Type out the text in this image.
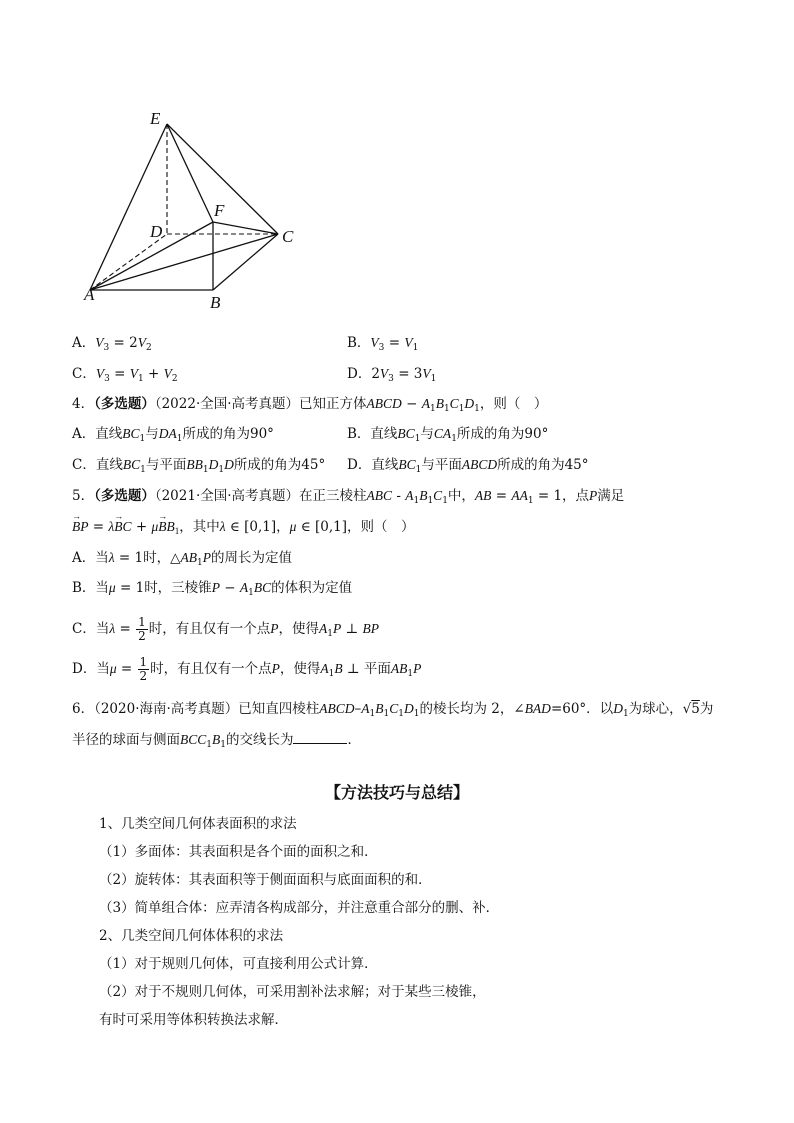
E
F
D	C
A	B
A．$V_3 = 2V_2$	B．$V_3 = V_1$
C．$V_3 = V_1 + V_2$	D．$2V_3 = 3V_1$
4．（多选题）（2022·全国·高考真题）已知正方体ABCD − $A_1B_1C_1D_1$，则（　）
A．直线$BC_1$与$DA_1$所成的角为90°	B．直线$BC_1$与$CA_1$所成的角为90°
C．直线$BC_1$与平面$BB_1D_1D$所成的角为45° D．直线$BC_1$与平面ABCD所成的角为45°
5．（多选题）（2021·全国·高考真题）在正三棱柱ABC - $A_1B_1C_1$中，AB = $AA_1 = 1$，点P满足
→ BP = λ→ BC + $\mu\to BB_1$，其中λ ∈ [0,1]，μ ∈ [0,1]，则（　）
A．当λ = 1时，$\triangle AB_1P$的周长为定值
B．当μ = 1时，三棱锥$P - A_1BC$的体积为定值
C．当$\lambda = \frac{1}{2}$ 时，有且仅有一个点P，使得$A_1P$ ⊥ BP
D．当$\mu = \frac{1}{2}$ 时，有且仅有一个点P，使得$A_1B$ ⊥ 平面$AB_1P$
6．（2020·海南·高考真题）已知直四棱柱ABCD–$A_1B_1C_1D_1$的棱长均为 2，∠BAD=60°．以$D_1$为球心，√5为
半径的球面与侧面$BCC_1B_1$的交线长为	．
【方法技巧与总结】
1、几类空间几何体表面积的求法
（1）多面体：其表面积是各个面的面积之和．
（2）旋转体：其表面积等于侧面面积与底面面积的和．
（3）简单组合体：应弄清各构成部分，并注意重合部分的删、补．
2、几类空间几何体体积的求法
（1）对于规则几何体，可直接利用公式计算．
（2）对于不规则几何体，可采用割补法求解；对于某些三棱锥，
有时可采用等体积转换法求解．
